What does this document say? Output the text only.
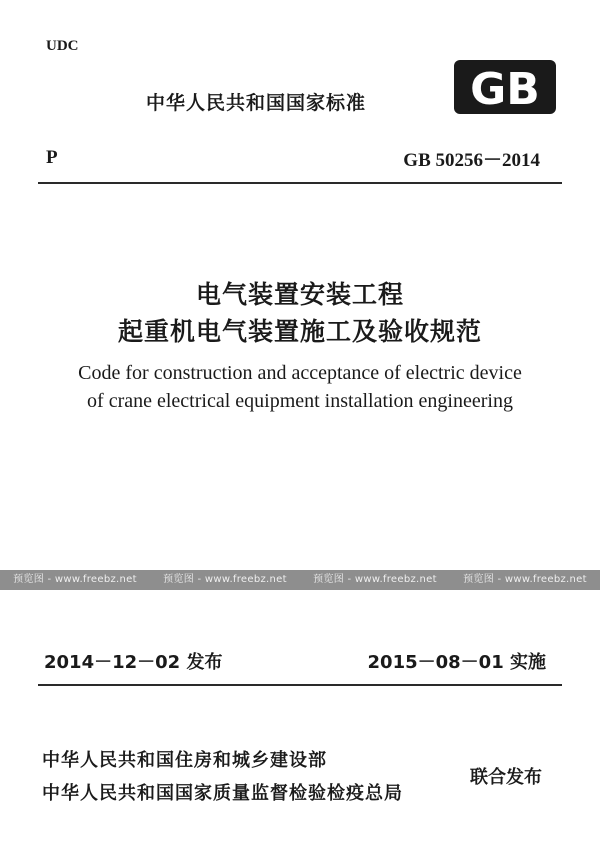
UDC
中华人民共和国国家标准 GB
P	GB 50256－2014
电气装置安装工程
起重机电气装置施工及验收规范
Code for construction and acceptance of electric device
of crane electrical equipment installation engineering
预览图 - www.freebz.net	预览图 - www.freebz.net	预览图 - www.freebz.net	预览图 - www.freebz.net
2014－12－02 发布	2015－08－01 实施
中华人民共和国住房和城乡建设部
中华人民共和国国家质量监督检验检疫总局
联合发布
